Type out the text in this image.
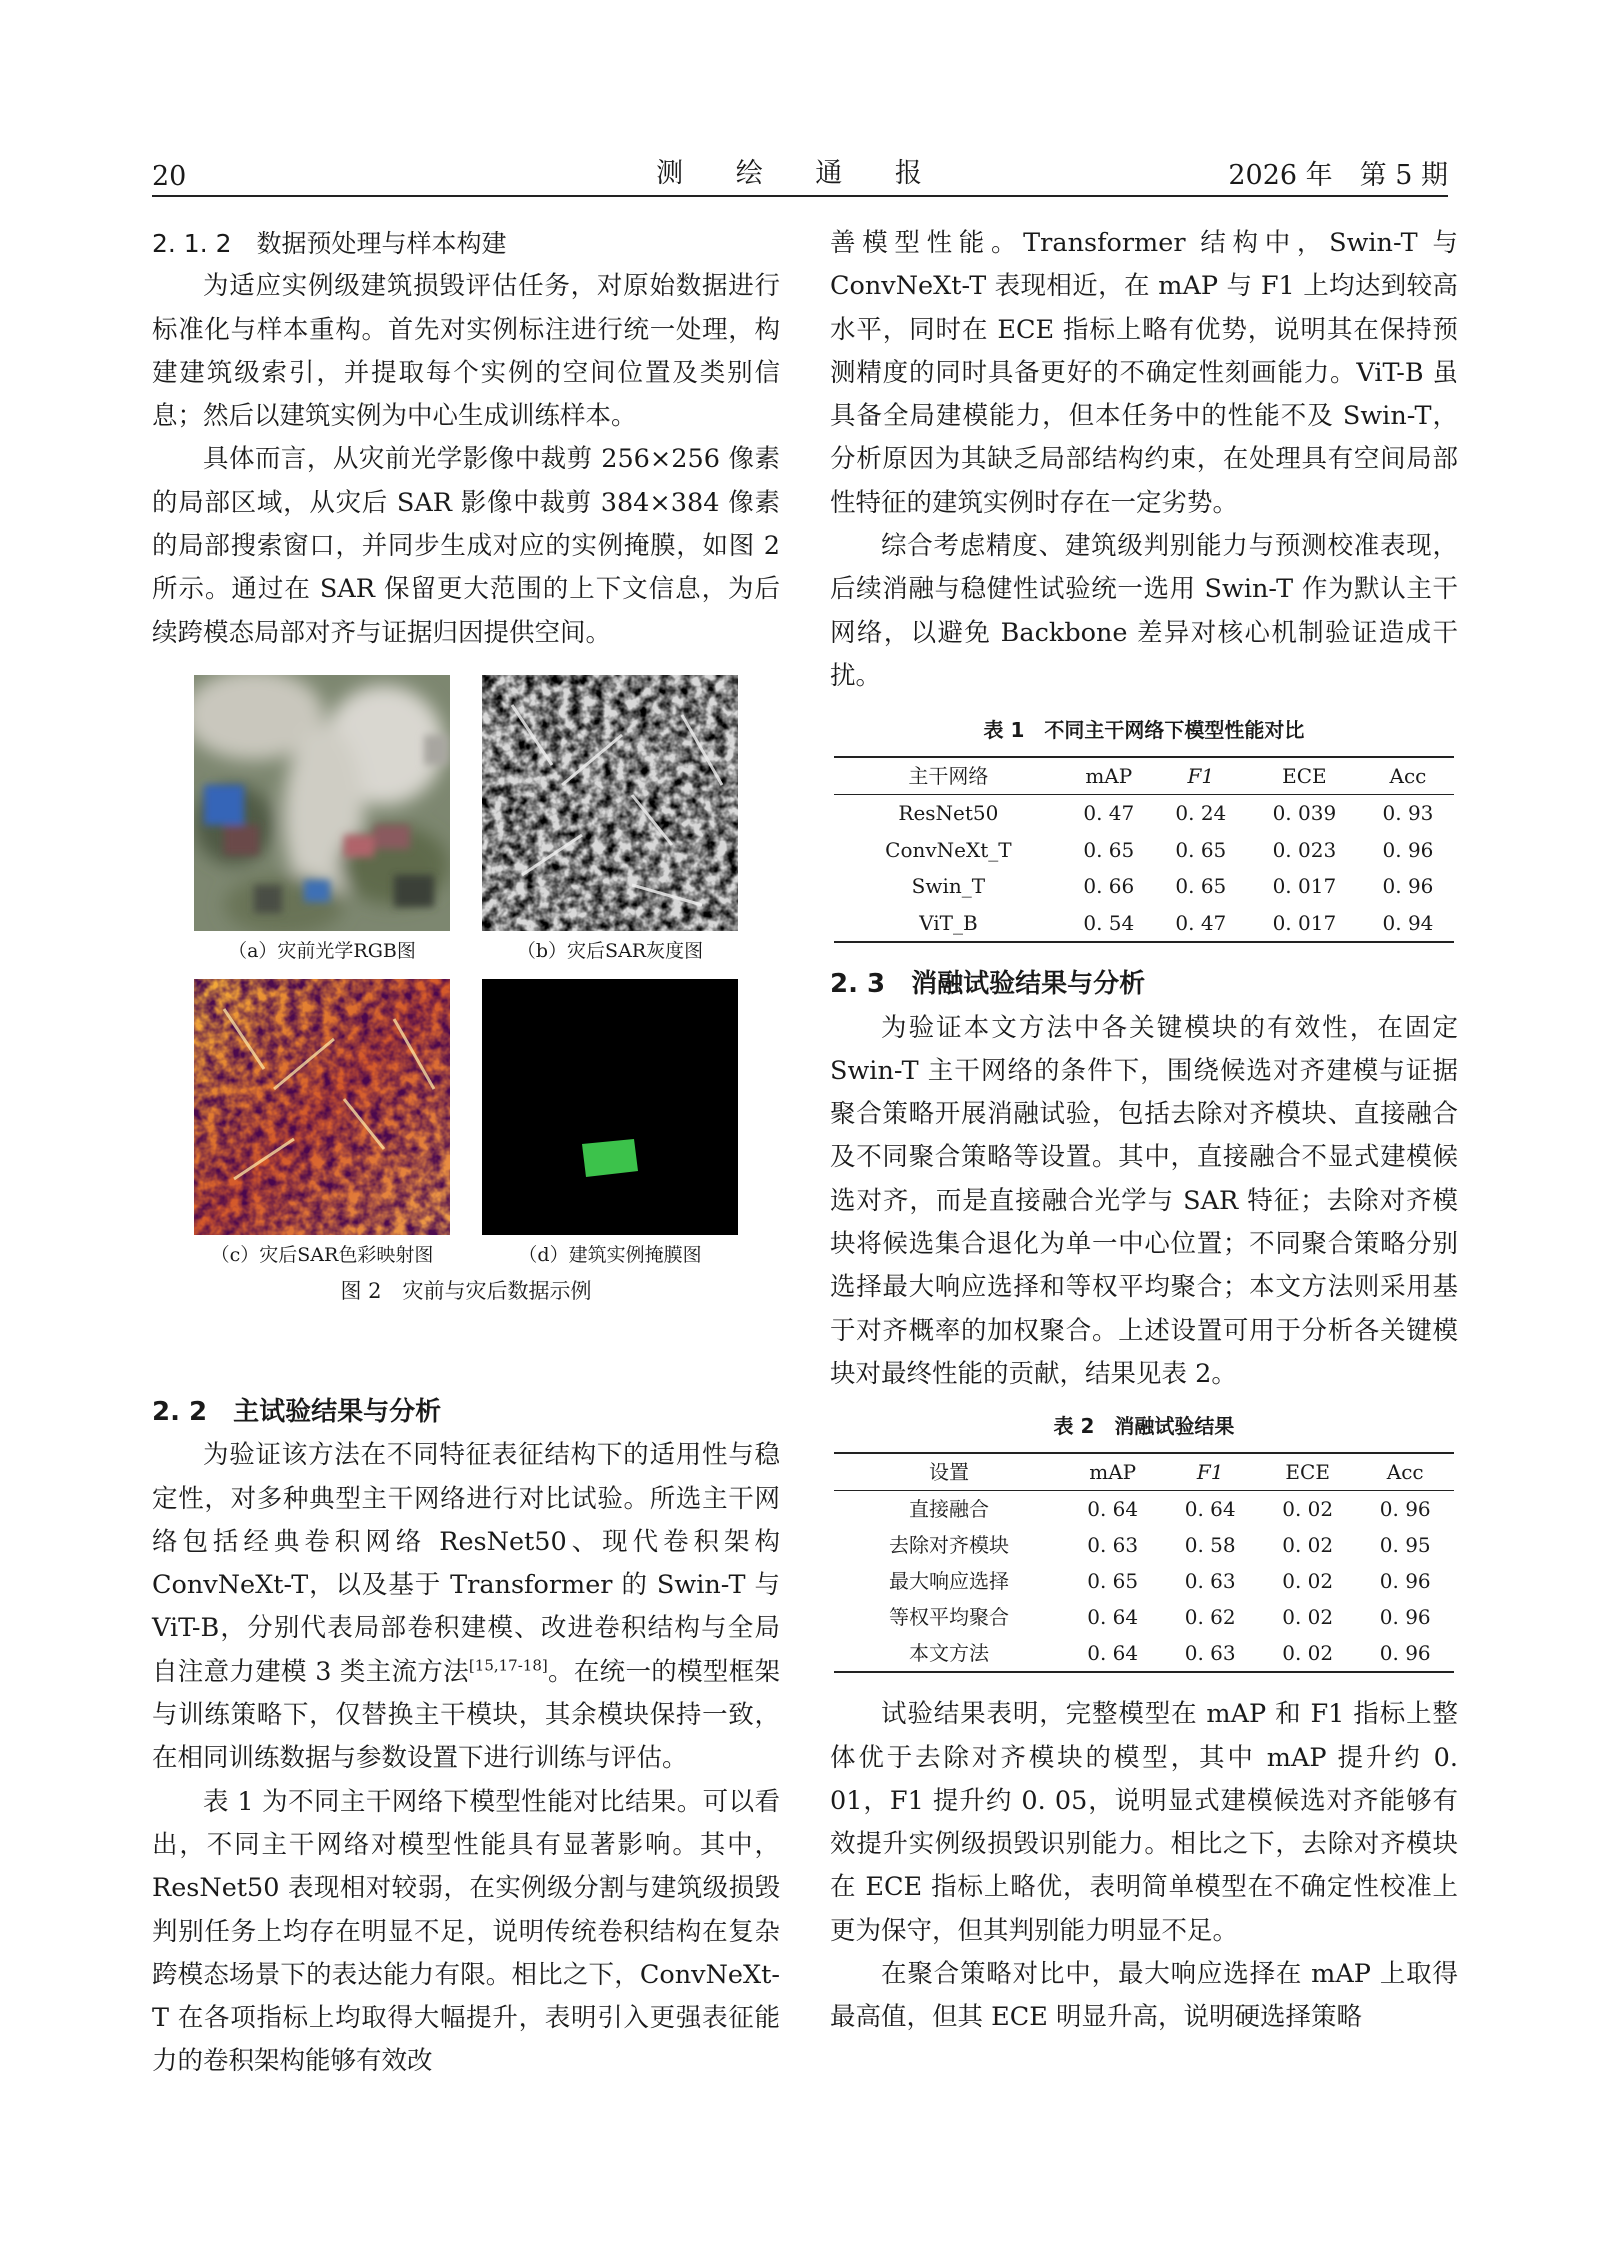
20	测 绘 通 报	2026 年　第 5 期
2. 1. 2　数据预处理与样本构建

为适应实例级建筑损毁评估任务，对原始数据进行标准化与样本重构。首先对实例标注进行统一处理，构建建筑级索引，并提取每个实例的空间位置及类别信息；然后以建筑实例为中心生成训练样本。

具体而言，从灾前光学影像中裁剪 256×256 像素的局部区域，从灾后 SAR 影像中裁剪 384×384 像素的局部搜索窗口，并同步生成对应的实例掩膜，如图 2 所示。通过在 SAR 保留更大范围的上下文信息，为后续跨模态局部对齐与证据归因提供空间。

（a）灾前光学RGB图	（b）灾后SAR灰度图
（c）灾后SAR色彩映射图	（d）建筑实例掩膜图
图 2　灾前与灾后数据示例
2. 2　主试验结果与分析

为验证该方法在不同特征表征结构下的适用性与稳定性，对多种典型主干网络进行对比试验。所选主干网络包括经典卷积网络 ResNet50、现代卷积架构 ConvNeXt-T，以及基于 Transformer 的 Swin-T 与 ViT-B，分别代表局部卷积建模、改进卷积结构与全局自注意力建模 3 类主流方法[15,17-18]。在统一的模型框架与训练策略下，仅替换主干模块，其余模块保持一致，在相同训练数据与参数设置下进行训练与评估。

表 1 为不同主干网络下模型性能对比结果。可以看出，不同主干网络对模型性能具有显著影响。其中，ResNet50 表现相对较弱，在实例级分割与建筑级损毁判别任务上均存在明显不足，说明传统卷积结构在复杂跨模态场景下的表达能力有限。相比之下，ConvNeXt-T 在各项指标上均取得大幅提升，表明引入更强表征能力的卷积架构能够有效改

善模型性能。Transformer 结构中，Swin-T 与 ConvNeXt-T 表现相近，在 mAP 与 F1 上均达到较高水平，同时在 ECE 指标上略有优势，说明其在保持预测精度的同时具备更好的不确定性刻画能力。ViT-B 虽具备全局建模能力，但本任务中的性能不及 Swin-T，分析原因为其缺乏局部结构约束，在处理具有空间局部性特征的建筑实例时存在一定劣势。

综合考虑精度、建筑级判别能力与预测校准表现，后续消融与稳健性试验统一选用 Swin-T 作为默认主干网络，以避免 Backbone 差异对核心机制验证造成干扰。

表 1　不同主干网络下模型性能对比
主干网络	mAP	F1	ECE	Acc
ResNet50	0. 47	0. 24	0. 039	0. 93
ConvNeXt_T	0. 65	0. 65	0. 023	0. 96
Swin_T	0. 66	0. 65	0. 017	0. 96
ViT_B	0. 54	0. 47	0. 017	0. 94
2. 3　消融试验结果与分析

为验证本文方法中各关键模块的有效性，在固定 Swin-T 主干网络的条件下，围绕候选对齐建模与证据聚合策略开展消融试验，包括去除对齐模块、直接融合及不同聚合策略等设置。其中，直接融合不显式建模候选对齐，而是直接融合光学与 SAR 特征；去除对齐模块将候选集合退化为单一中心位置；不同聚合策略分别选择最大响应选择和等权平均聚合；本文方法则采用基于对齐概率的加权聚合。上述设置可用于分析各关键模块对最终性能的贡献，结果见表 2。

表 2　消融试验结果
设置	mAP	F1	ECE	Acc
直接融合	0. 64	0. 64	0. 02	0. 96
去除对齐模块	0. 63	0. 58	0. 02	0. 95
最大响应选择	0. 65	0. 63	0. 02	0. 96
等权平均聚合	0. 64	0. 62	0. 02	0. 96
本文方法	0. 64	0. 63	0. 02	0. 96

试验结果表明，完整模型在 mAP 和 F1 指标上整体优于去除对齐模块的模型，其中 mAP 提升约 0. 01，F1 提升约 0. 05，说明显式建模候选对齐能够有效提升实例级损毁识别能力。相比之下，去除对齐模块在 ECE 指标上略优，表明简单模型在不确定性校准上更为保守，但其判别能力明显不足。

在聚合策略对比中，最大响应选择在 mAP 上取得最高值，但其 ECE 明显升高，说明硬选择策略
